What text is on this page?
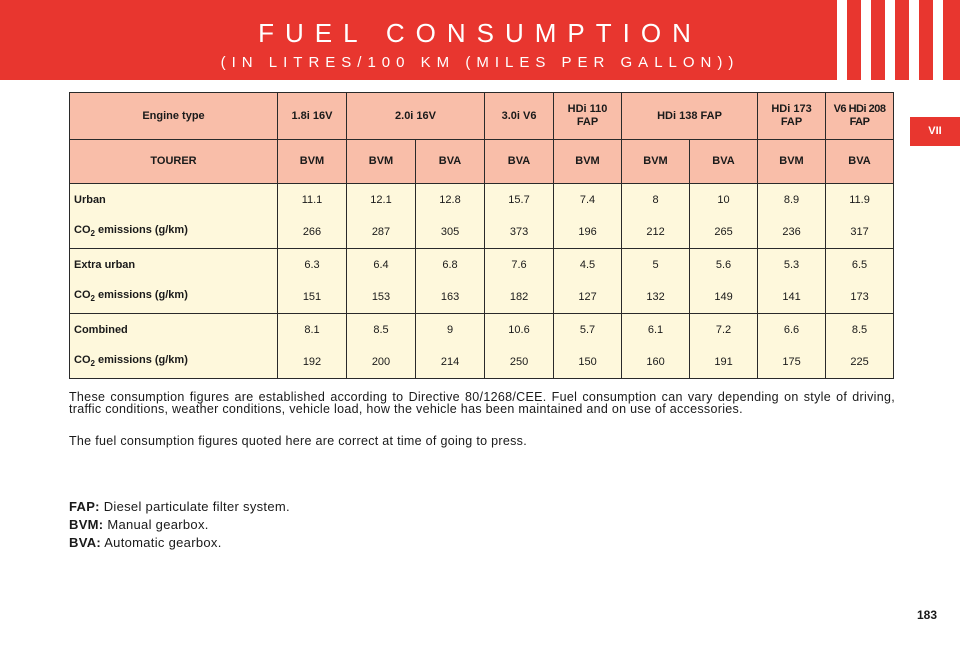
FUEL CONSUMPTION
(IN LITRES/100 KM (MILES PER GALLON))
VII
Engine type	1.8i 16V	2.0i 16V		3.0i V6	HDi 110 FAP	HDi 138 FAP		HDi 173 FAP	V6 HDi 208 FAP
TOURER	BVM	BVM	BVA	BVA	BVM	BVM	BVA	BVM	BVA
Urban	11.1	12.1	12.8	15.7	7.4	8	10	8.9	11.9
$CO_2$ emissions (g/km)	266	287	305	373	196	212	265	236	317
Extra urban	6.3	6.4	6.8	7.6	4.5	5	5.6	5.3	6.5
$CO_2$ emissions (g/km)	151	153	163	182	127	132	149	141	173
Combined	8.1	8.5	9	10.6	5.7	6.1	7.2	6.6	8.5
$CO_2$ emissions (g/km)	192	200	214	250	150	160	191	175	225
These consumption figures are established according to Directive 80/1268/CEE. Fuel consumption can vary depending on style of driving, traffic conditions, weather conditions, vehicle load, how the vehicle has been maintained and on use of accessories.
The fuel consumption figures quoted here are correct at time of going to press.
FAP: Diesel particulate filter system.
BVM: Manual gearbox.
BVA: Automatic gearbox.
183
